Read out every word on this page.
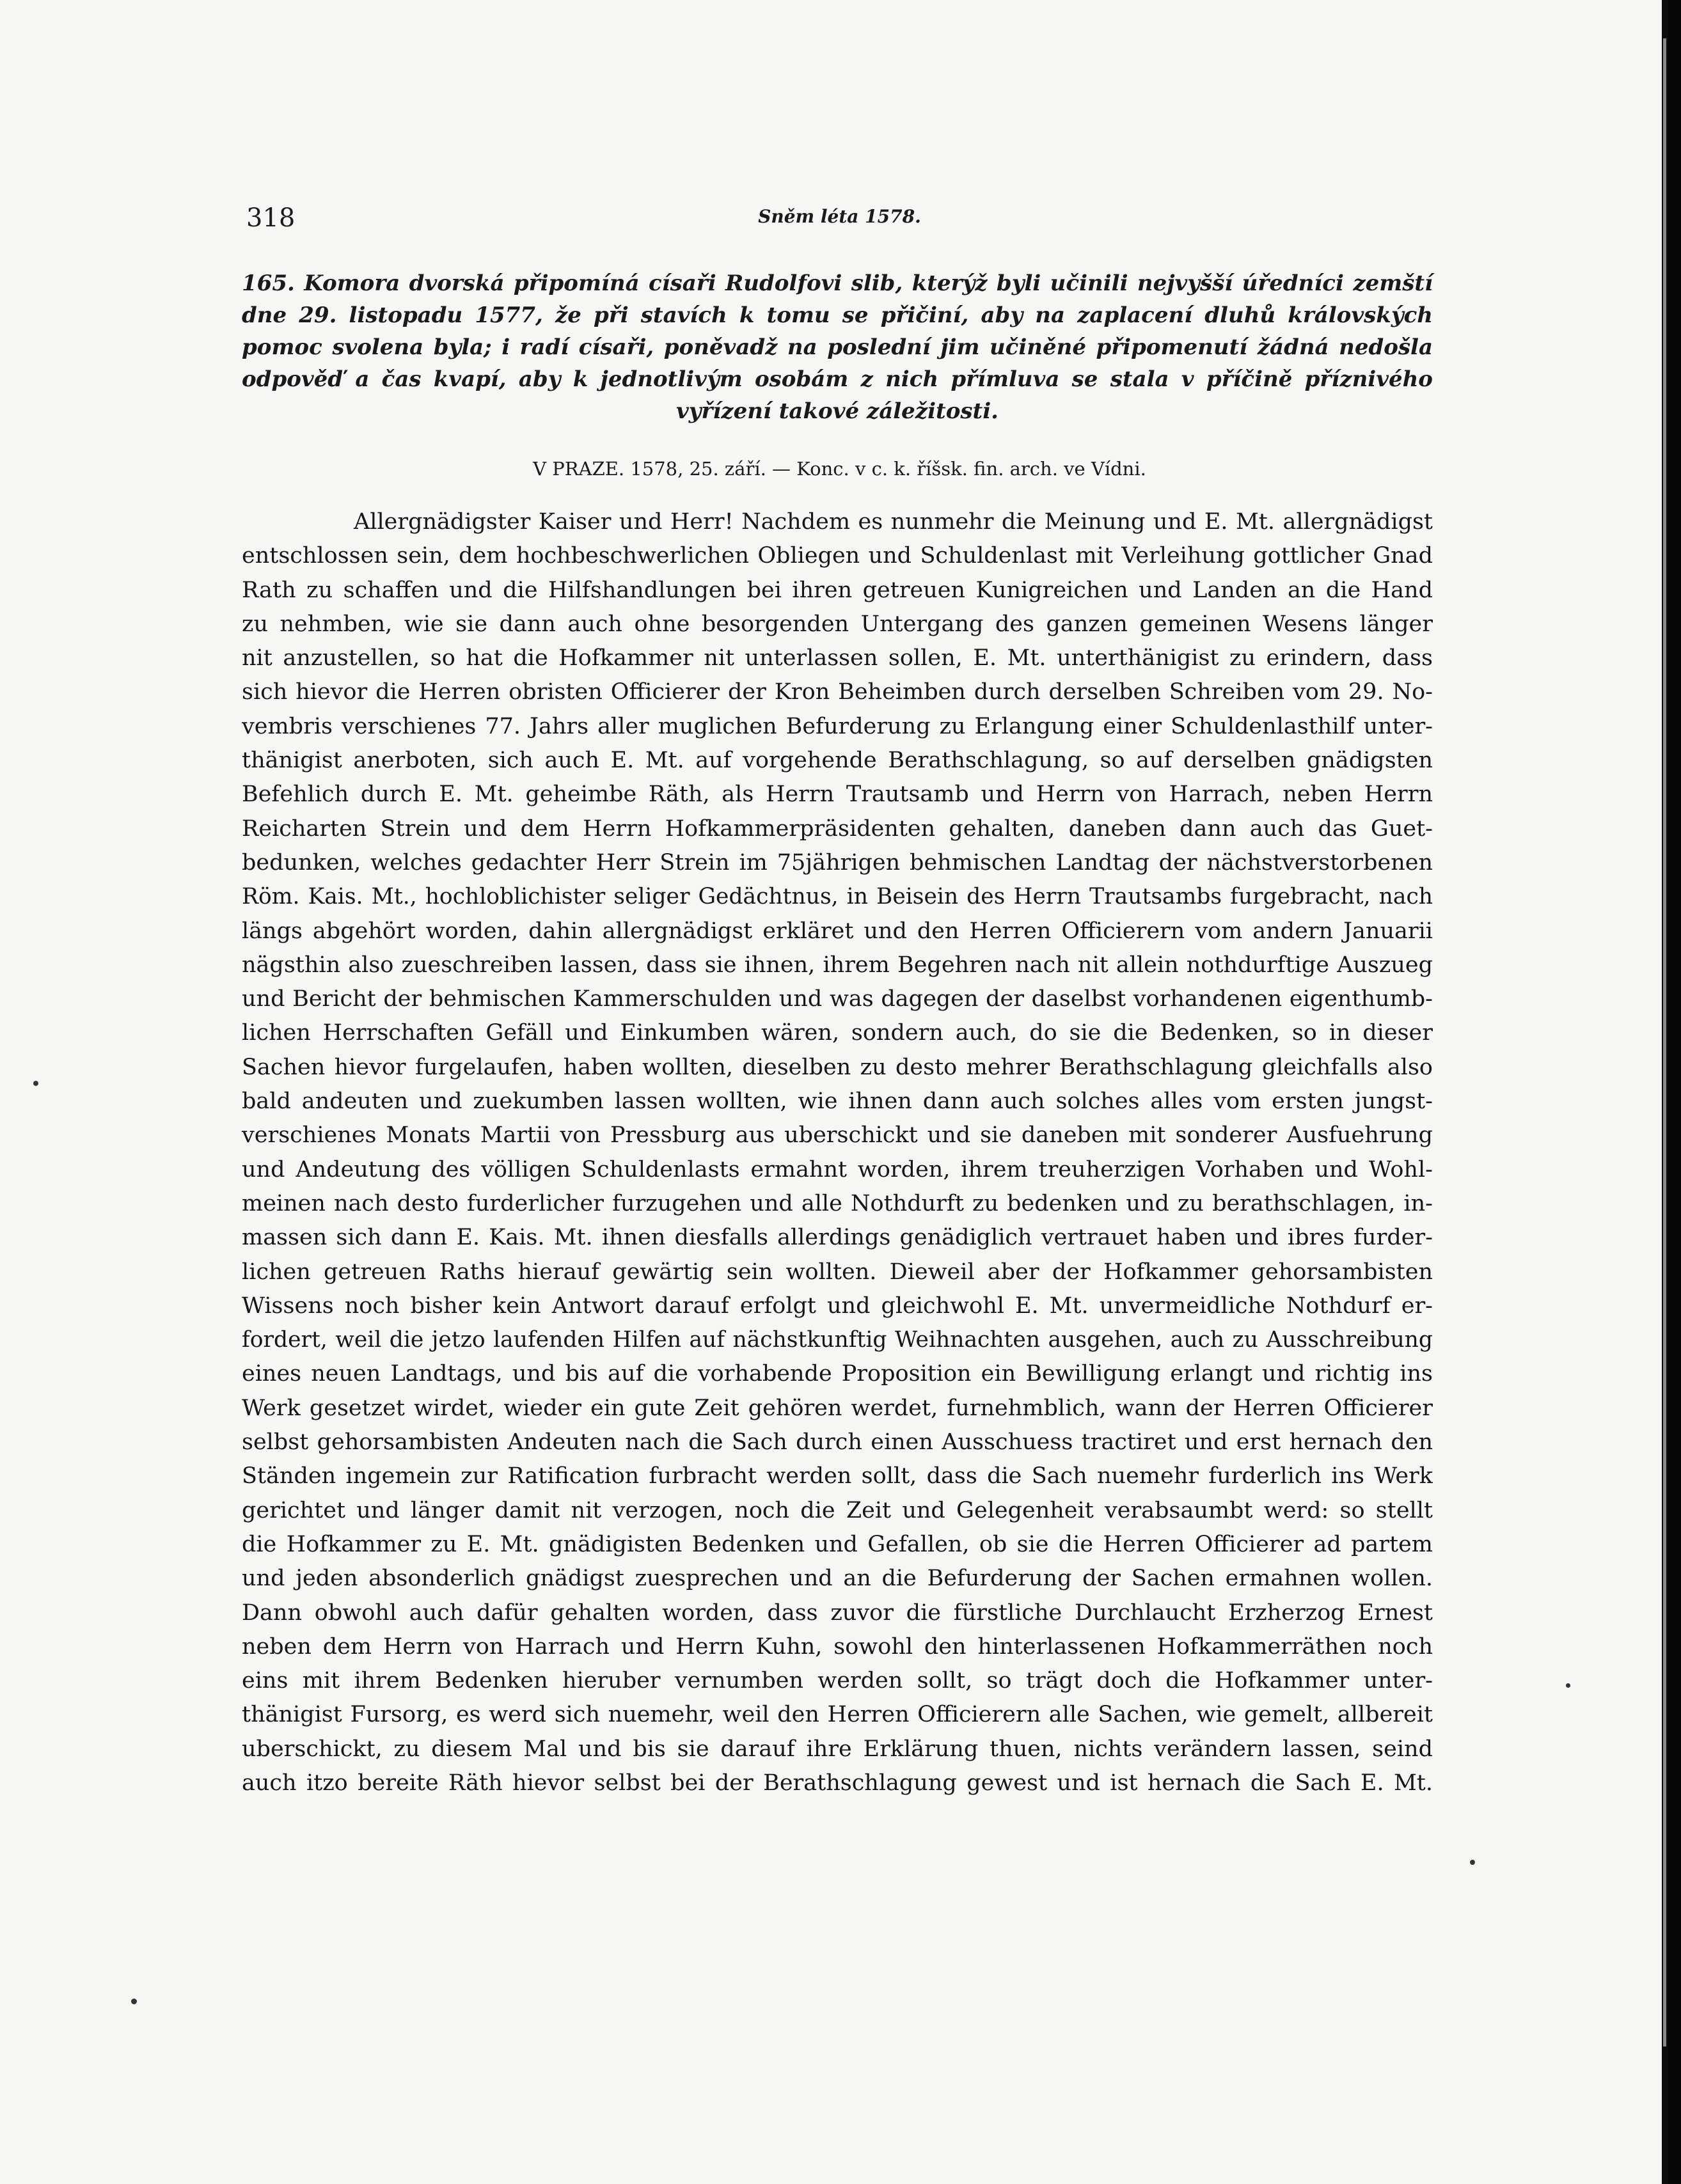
318	Sněm léta 1578.
165. Komora dvorská připomíná císaři Rudolfovi slib, kterýž byli učinili nejvyšší úředníci zemští dne 29. listopadu 1577, že při stavích k tomu se přičiní, aby na zaplacení dluhů královských pomoc svolena byla; i radí císaři, poněvadž na poslední jim učiněné připomenutí žádná nedošla odpověď a čas kvapí, aby k jednotlivým osobám z nich přímluva se stala v příčině příznivého vyřízení takové záležitosti.
V PRAZE. 1578, 25. září. — Konc. v c. k. říšsk. fin. arch. ve Vídni.
Allergnädigster Kaiser und Herr! Nachdem es nunmehr die Meinung und E. Mt. allergnädigst
entschlossen sein, dem hochbeschwerlichen Obliegen und Schuldenlast mit Verleihung gottlicher Gnad
Rath zu schaffen und die Hilfshandlungen bei ihren getreuen Kunigreichen und Landen an die Hand
zu nehmben, wie sie dann auch ohne besorgenden Untergang des ganzen gemeinen Wesens länger
nit anzustellen, so hat die Hofkammer nit unterlassen sollen, E. Mt. unterthänigist zu erindern, dass
sich hievor die Herren obristen Officierer der Kron Beheimben durch derselben Schreiben vom 29. No-
vembris verschienes 77. Jahrs aller muglichen Befurderung zu Erlangung einer Schuldenlasthilf unter-
thänigist anerboten, sich auch E. Mt. auf vorgehende Berathschlagung, so auf derselben gnädigsten
Befehlich durch E. Mt. geheimbe Räth, als Herrn Trautsamb und Herrn von Harrach, neben Herrn
Reicharten Strein und dem Herrn Hofkammerpräsidenten gehalten, daneben dann auch das Guet-
bedunken, welches gedachter Herr Strein im 75jährigen behmischen Landtag der nächstverstorbenen
Röm. Kais. Mt., hochloblichister seliger Gedächtnus, in Beisein des Herrn Trautsambs furgebracht, nach
längs abgehört worden, dahin allergnädigst erkläret und den Herren Officierern vom andern Januarii
nägsthin also zueschreiben lassen, dass sie ihnen, ihrem Begehren nach nit allein nothdurftige Auszueg
und Bericht der behmischen Kammerschulden und was dagegen der daselbst vorhandenen eigenthumb-
lichen Herrschaften Gefäll und Einkumben wären, sondern auch, do sie die Bedenken, so in dieser
Sachen hievor furgelaufen, haben wollten, dieselben zu desto mehrer Berathschlagung gleichfalls also
bald andeuten und zuekumben lassen wollten, wie ihnen dann auch solches alles vom ersten jungst-
verschienes Monats Martii von Pressburg aus uberschickt und sie daneben mit sonderer Ausfuehrung
und Andeutung des völligen Schuldenlasts ermahnt worden, ihrem treuherzigen Vorhaben und Wohl-
meinen nach desto furderlicher furzugehen und alle Nothdurft zu bedenken und zu berathschlagen, in-
massen sich dann E. Kais. Mt. ihnen diesfalls allerdings genädiglich vertrauet haben und ibres furder-
lichen getreuen Raths hierauf gewärtig sein wollten. Dieweil aber der Hofkammer gehorsambisten
Wissens noch bisher kein Antwort darauf erfolgt und gleichwohl E. Mt. unvermeidliche Nothdurf er-
fordert, weil die jetzo laufenden Hilfen auf nächstkunftig Weihnachten ausgehen, auch zu Ausschreibung
eines neuen Landtags, und bis auf die vorhabende Proposition ein Bewilligung erlangt und richtig ins
Werk gesetzet wirdet, wieder ein gute Zeit gehören werdet, furnehmblich, wann der Herren Officierer
selbst gehorsambisten Andeuten nach die Sach durch einen Ausschuess tractiret und erst hernach den
Ständen ingemein zur Ratification furbracht werden sollt, dass die Sach nuemehr furderlich ins Werk
gerichtet und länger damit nit verzogen, noch die Zeit und Gelegenheit verabsaumbt werd: so stellt
die Hofkammer zu E. Mt. gnädigisten Bedenken und Gefallen, ob sie die Herren Officierer ad partem
und jeden absonderlich gnädigst zuesprechen und an die Befurderung der Sachen ermahnen wollen.
Dann obwohl auch dafür gehalten worden, dass zuvor die fürstliche Durchlaucht Erzherzog Ernest
neben dem Herrn von Harrach und Herrn Kuhn, sowohl den hinterlassenen Hofkammerräthen noch
eins mit ihrem Bedenken hieruber vernumben werden sollt, so trägt doch die Hofkammer unter-
thänigist Fursorg, es werd sich nuemehr, weil den Herren Officierern alle Sachen, wie gemelt, allbereit
uberschickt, zu diesem Mal und bis sie darauf ihre Erklärung thuen, nichts verändern lassen, seind
auch itzo bereite Räth hievor selbst bei der Berathschlagung gewest und ist hernach die Sach E. Mt.
